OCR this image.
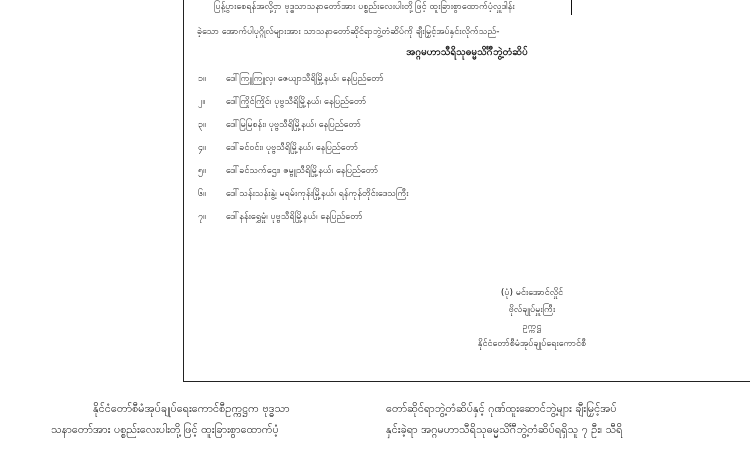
ပြန့်ပွားစေရန်အလို့ငှာ ဗုဒ္ဓသာသနာတော်အား ပစ္စည်းလေးပါးတို့ဖြင့် ထူးခြားစွာထောက်ပံ့လှူဒါန်း
ခဲ့သော အောက်ပါပုဂ္ဂိုလ်များအား သာသနာတော်ဆိုင်ရာဘွဲ့တံဆိပ်ကို ချီးမြှင့်အပ်နှင်းလိုက်သည်-
အဂ္ဂမဟာသီရိသုဓမ္မသိင်္ဂီဘွဲ့တံဆိပ်
၁။	ဒေါ်ကြူကြူလှ၊ ဇေယျာသီရိမြို့နယ်၊ နေပြည်တော်
၂။	ဒေါ်ကြိုင်ကြိုင်၊ ပုဗ္ဗသီရိမြို့နယ်၊ နေပြည်တော်
၃။	ဒေါ်မြမြစန်း၊ ပုဗ္ဗသီရိမြို့နယ်၊ နေပြည်တော်
၄။	ဒေါ်ခင်ဝင်း၊ ပုဗ္ဗသီရိမြို့နယ်၊ နေပြည်တော်
၅။	ဒေါ်ခင်သက်ဌေး၊ ဇမ္ဗူသီရိမြို့နယ်၊ နေပြည်တော်
၆။	ဒေါ်သန်းသန်းနွဲ့၊ မရမ်းကုန်းမြို့နယ်၊ ရန်ကုန်တိုင်းဒေသကြီး
၇။	ဒေါ်နန်းရွှေမှုံ၊ ပုဗ္ဗသီရိမြို့နယ်၊ နေပြည်တော်
(ပုံ) မင်းအောင်လှိုင်
ဗိုလ်ချုပ်မှူးကြီး
ဥက္ကဋ္ဌ
နိုင်ငံတော်စီမံအုပ်ချုပ်ရေးကောင်စီ
နိုင်ငံတော်စီမံအုပ်ချုပ်ရေးကောင်စီဥက္ကဋ္ဌက ဗုဒ္ဓသာ
သနာတော်အား ပစ္စည်းလေးပါးတို့ဖြင့် ထူးခြားစွာထောက်ပံ့
တော်ဆိုင်ရာဘွဲ့တံဆိပ်နှင့် ဂုဏ်ထူးဆောင်ဘွဲ့များ ချီးမြှင့်အပ်
နှင်းခဲ့ရာ အဂ္ဂမဟာသီရိသုဓမ္မသိင်္ဂီဘွဲ့တံဆိပ်ရရှိသူ ၇ ဦး၊ သီရိ
